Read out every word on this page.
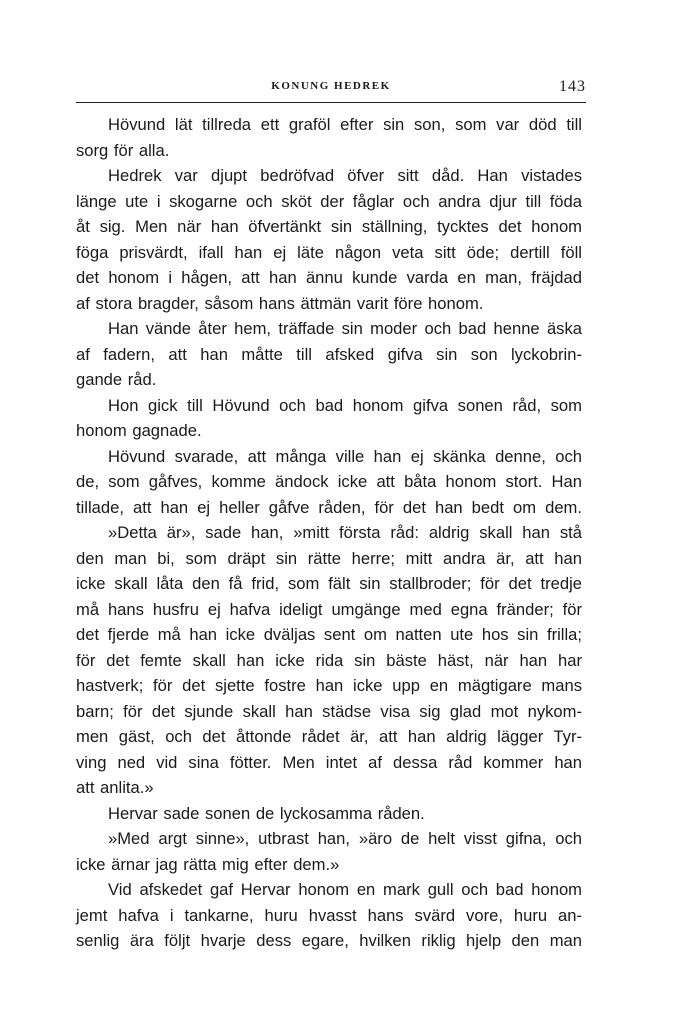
KONUNG HEDREK	143
Hövund lät tillreda ett graföl efter sin son, som var död till
sorg för alla.
Hedrek var djupt bedröfvad öfver sitt dåd. Han vistades
länge ute i skogarne och sköt der fåglar och andra djur till föda
åt sig. Men när han öfvertänkt sin ställning, tycktes det honom
föga prisvärdt, ifall han ej läte någon veta sitt öde; dertill föll
det honom i hågen, att han ännu kunde varda en man, fräjdad
af stora bragder, såsom hans ättmän varit före honom.
Han vände åter hem, träffade sin moder och bad henne äska
af fadern, att han måtte till afsked gifva sin son lyckobrin-
gande råd.
Hon gick till Hövund och bad honom gifva sonen råd, som
honom gagnade.
Hövund svarade, att många ville han ej skänka denne, och
de, som gåfves, komme ändock icke att båta honom stort. Han
tillade, att han ej heller gåfve råden, för det han bedt om dem.
»Detta är», sade han, »mitt första råd: aldrig skall han stå
den man bi, som dräpt sin rätte herre; mitt andra är, att han
icke skall låta den få frid, som fält sin stallbroder; för det tredje
må hans husfru ej hafva ideligt umgänge med egna fränder; för
det fjerde må han icke dväljas sent om natten ute hos sin frilla;
för det femte skall han icke rida sin bäste häst, när han har
hastverk; för det sjette fostre han icke upp en mägtigare mans
barn; för det sjunde skall han städse visa sig glad mot nykom-
men gäst, och det åttonde rådet är, att han aldrig lägger Tyr-
ving ned vid sina fötter. Men intet af dessa råd kommer han
att anlita.»
Hervar sade sonen de lyckosamma råden.
»Med argt sinne», utbrast han, »äro de helt visst gifna, och
icke ärnar jag rätta mig efter dem.»
Vid afskedet gaf Hervar honom en mark gull och bad honom
jemt hafva i tankarne, huru hvasst hans svärd vore, huru an-
senlig ära följt hvarje dess egare, hvilken riklig hjelp den man
